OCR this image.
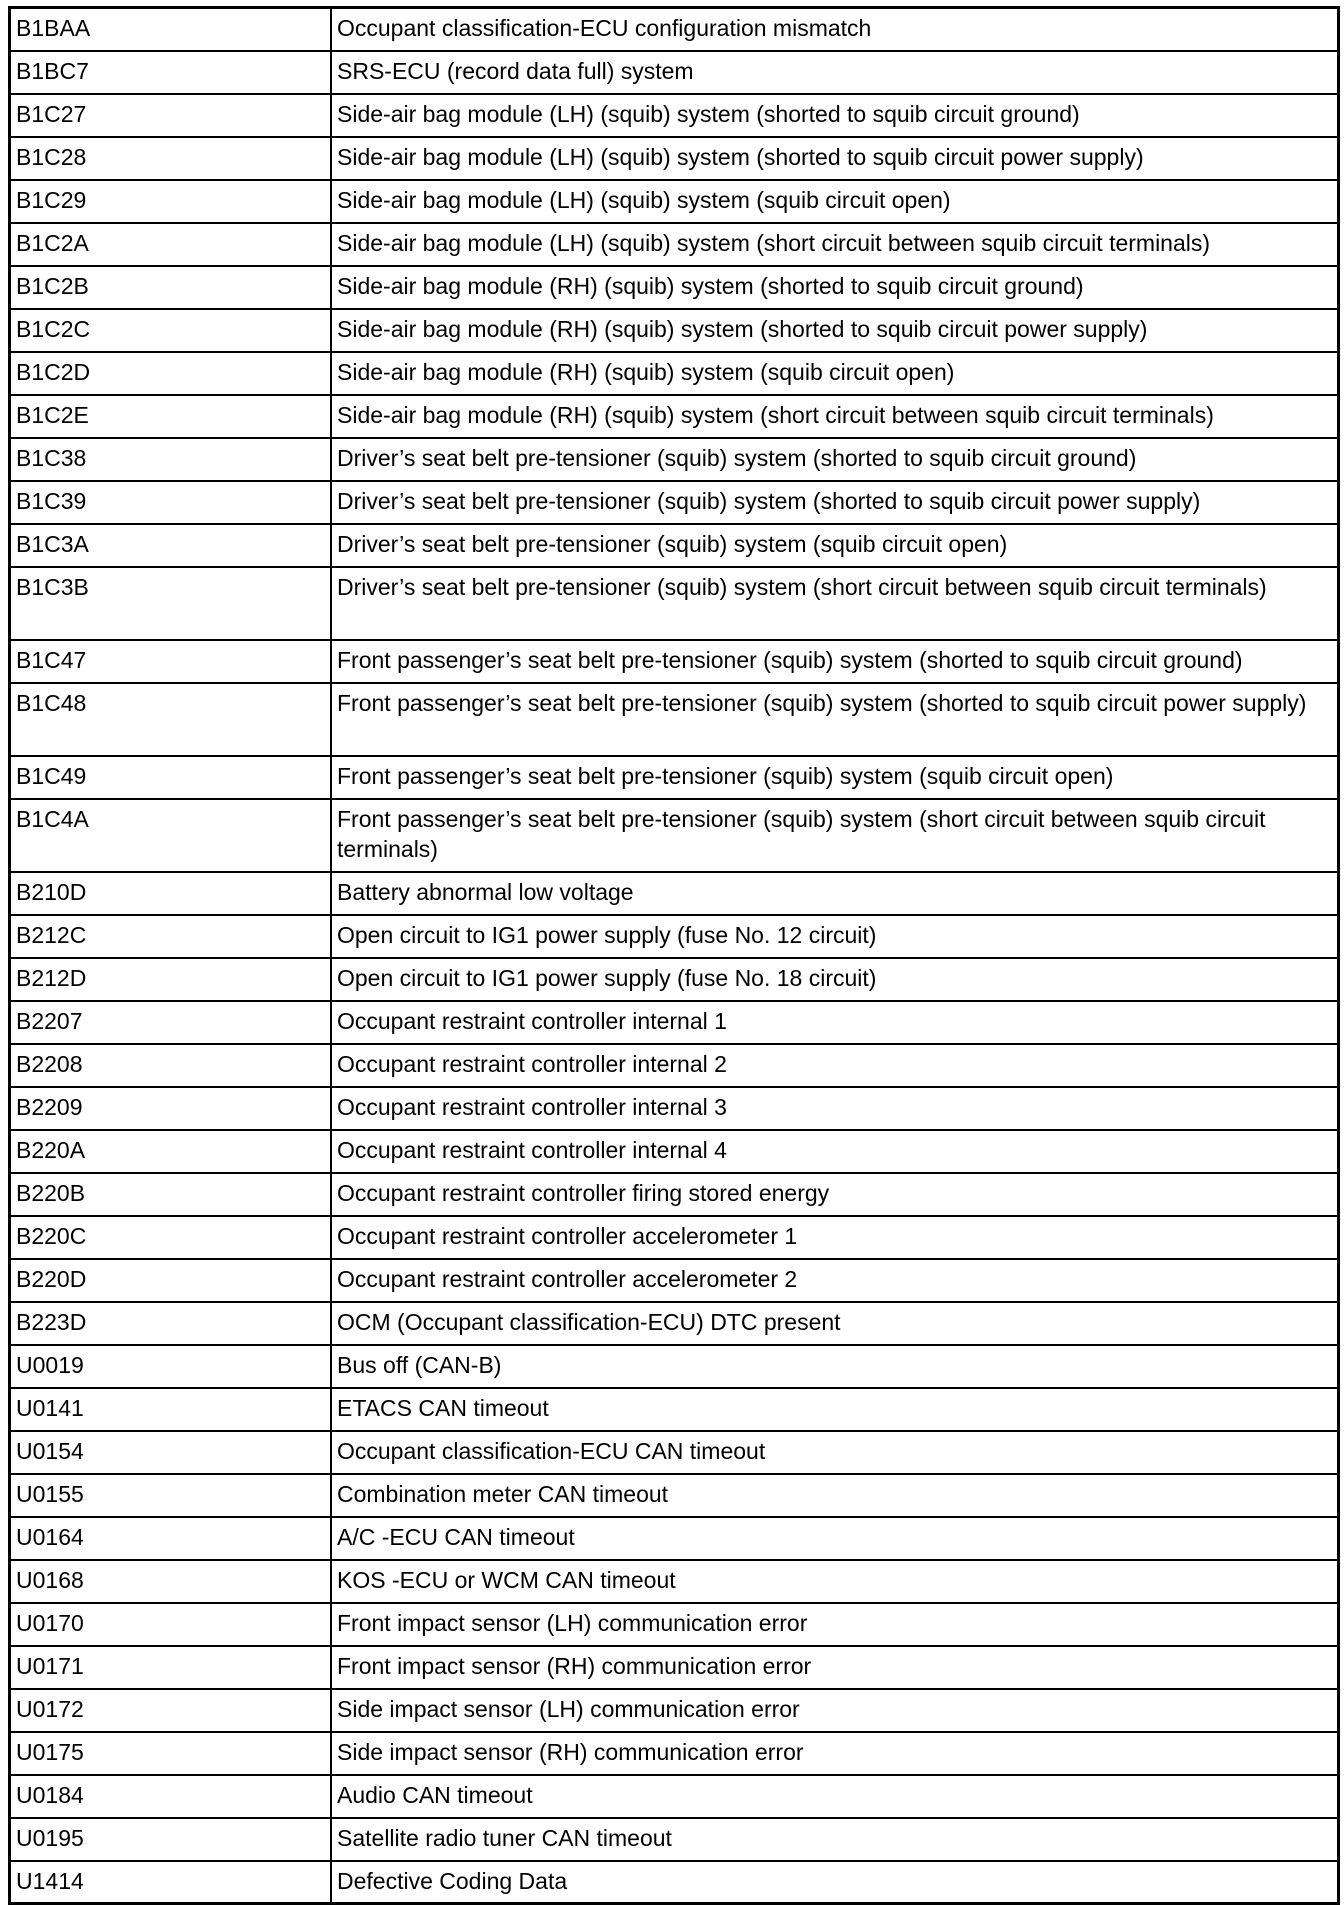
B1BAA	Occupant classification-ECU configuration mismatch
B1BC7	SRS-ECU (record data full) system
B1C27	Side-air bag module (LH) (squib) system (shorted to squib circuit ground)
B1C28	Side-air bag module (LH) (squib) system (shorted to squib circuit power supply)
B1C29	Side-air bag module (LH) (squib) system (squib circuit open)
B1C2A	Side-air bag module (LH) (squib) system (short circuit between squib circuit terminals)
B1C2B	Side-air bag module (RH) (squib) system (shorted to squib circuit ground)
B1C2C	Side-air bag module (RH) (squib) system (shorted to squib circuit power supply)
B1C2D	Side-air bag module (RH) (squib) system (squib circuit open)
B1C2E	Side-air bag module (RH) (squib) system (short circuit between squib circuit terminals)
B1C38	Driver’s seat belt pre-tensioner (squib) system (shorted to squib circuit ground)
B1C39	Driver’s seat belt pre-tensioner (squib) system (shorted to squib circuit power supply)
B1C3A	Driver’s seat belt pre-tensioner (squib) system (squib circuit open)
B1C3B	Driver’s seat belt pre-tensioner (squib) system (short circuit between squib circuit terminals)
B1C47	Front passenger’s seat belt pre-tensioner (squib) system (shorted to squib circuit ground)
B1C48	Front passenger’s seat belt pre-tensioner (squib) system (shorted to squib circuit power supply)
B1C49	Front passenger’s seat belt pre-tensioner (squib) system (squib circuit open)
B1C4A	Front passenger’s seat belt pre-tensioner (squib) system (short circuit between squib circuit terminals)
B210D	Battery abnormal low voltage
B212C	Open circuit to IG1 power supply (fuse No. 12 circuit)
B212D	Open circuit to IG1 power supply (fuse No. 18 circuit)
B2207	Occupant restraint controller internal 1
B2208	Occupant restraint controller internal 2
B2209	Occupant restraint controller internal 3
B220A	Occupant restraint controller internal 4
B220B	Occupant restraint controller firing stored energy
B220C	Occupant restraint controller accelerometer 1
B220D	Occupant restraint controller accelerometer 2
B223D	OCM (Occupant classification-ECU) DTC present
U0019	Bus off (CAN-B)
U0141	ETACS CAN timeout
U0154	Occupant classification-ECU CAN timeout
U0155	Combination meter CAN timeout
U0164	A/C -ECU CAN timeout
U0168	KOS -ECU or WCM CAN timeout
U0170	Front impact sensor (LH) communication error
U0171	Front impact sensor (RH) communication error
U0172	Side impact sensor (LH) communication error
U0175	Side impact sensor (RH) communication error
U0184	Audio CAN timeout
U0195	Satellite radio tuner CAN timeout
U1414	Defective Coding Data
